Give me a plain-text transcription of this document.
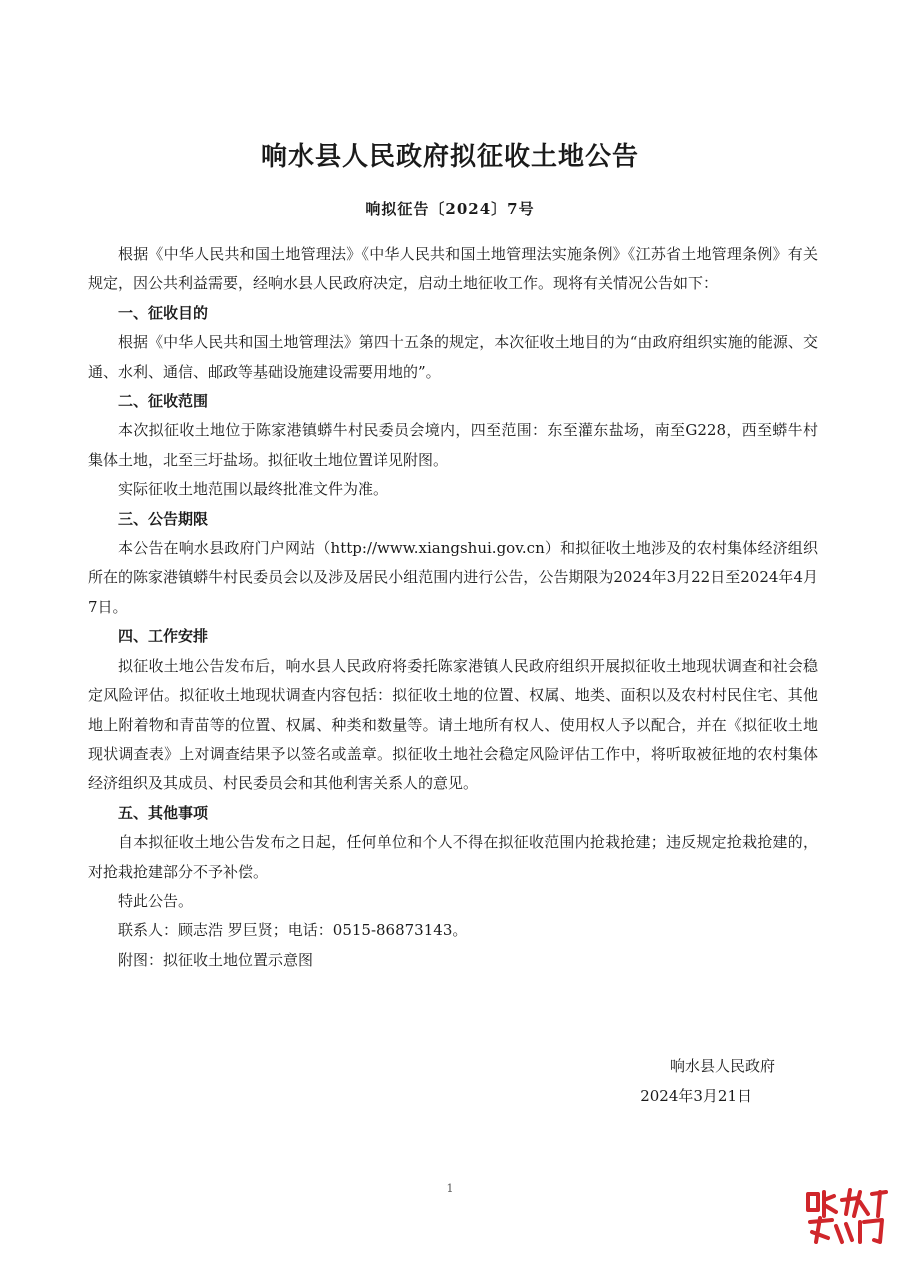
响水县人民政府拟征收土地公告
响拟征告〔2024〕7号

根据《中华人民共和国土地管理法》《中华人民共和国土地管理法实施条例》《江苏省土地管理条例》有关规定，因公共利益需要，经响水县人民政府决定，启动土地征收工作。现将有关情况公告如下：

一、征收目的

根据《中华人民共和国土地管理法》第四十五条的规定，本次征收土地目的为“由政府组织实施的能源、交通、水利、通信、邮政等基础设施建设需要用地的”。

二、征收范围

本次拟征收土地位于陈家港镇蟒牛村民委员会境内，四至范围：东至灌东盐场，南至G228，西至蟒牛村集体土地，北至三圩盐场。拟征收土地位置详见附图。

实际征收土地范围以最终批准文件为准。

三、公告期限

本公告在响水县政府门户网站（http://www.xiangshui.gov.cn）和拟征收土地涉及的农村集体经济组织所在的陈家港镇蟒牛村民委员会以及涉及居民小组范围内进行公告，公告期限为2024年3月22日至2024年4月7日。

四、工作安排

拟征收土地公告发布后，响水县人民政府将委托陈家港镇人民政府组织开展拟征收土地现状调查和社会稳定风险评估。拟征收土地现状调查内容包括：拟征收土地的位置、权属、地类、面积以及农村村民住宅、其他地上附着物和青苗等的位置、权属、种类和数量等。请土地所有权人、使用权人予以配合，并在《拟征收土地现状调查表》上对调查结果予以签名或盖章。拟征收土地社会稳定风险评估工作中，将听取被征地的农村集体经济组织及其成员、村民委员会和其他利害关系人的意见。

五、其他事项

自本拟征收土地公告发布之日起，任何单位和个人不得在拟征收范围内抢栽抢建；违反规定抢栽抢建的，对抢栽抢建部分不予补偿。

特此公告。

联系人：顾志浩 罗巨贤；电话：0515-86873143。

附图：拟征收土地位置示意图

响水县人民政府
2024年3月21日
1
